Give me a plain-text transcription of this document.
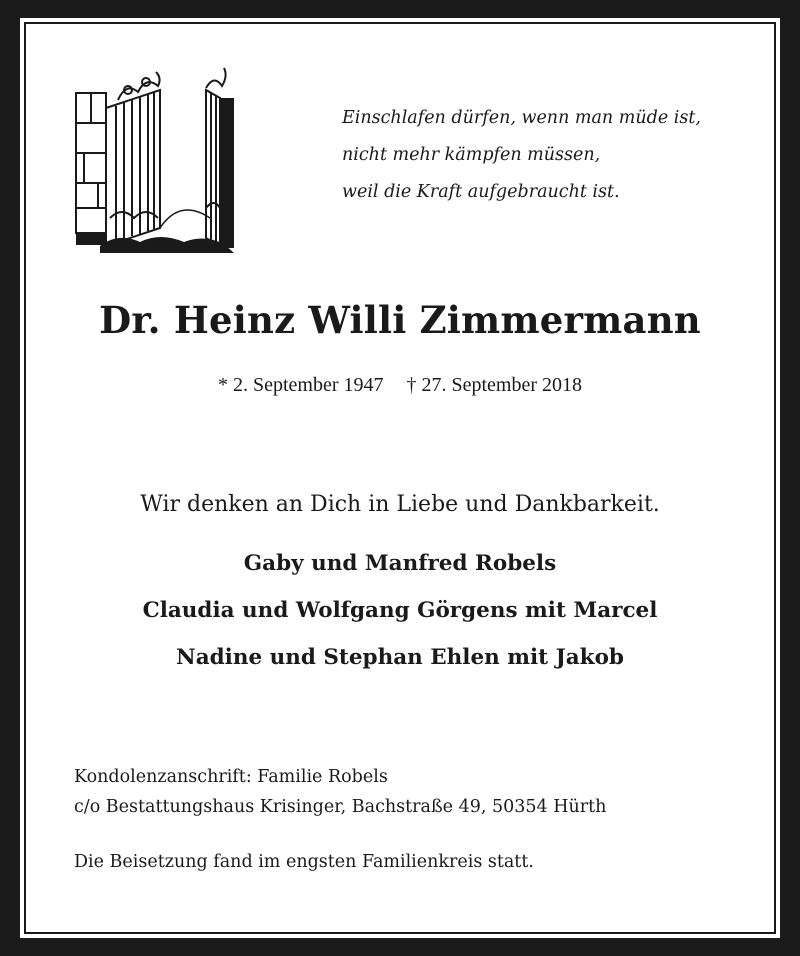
Einschlafen dürfen, wenn man müde ist,
nicht mehr kämpfen müssen,
weil die Kraft aufgebraucht ist.
Dr. Heinz Willi Zimmermann
* 2. September 1947 † 27. September 2018
Wir denken an Dich in Liebe und Dankbarkeit.
Gaby und Manfred Robels
Claudia und Wolfgang Görgens mit Marcel
Nadine und Stephan Ehlen mit Jakob
Kondolenzanschrift: Familie Robels
c/o Bestattungshaus Krisinger, Bachstraße 49, 50354 Hürth
Die Beisetzung fand im engsten Familienkreis statt.
